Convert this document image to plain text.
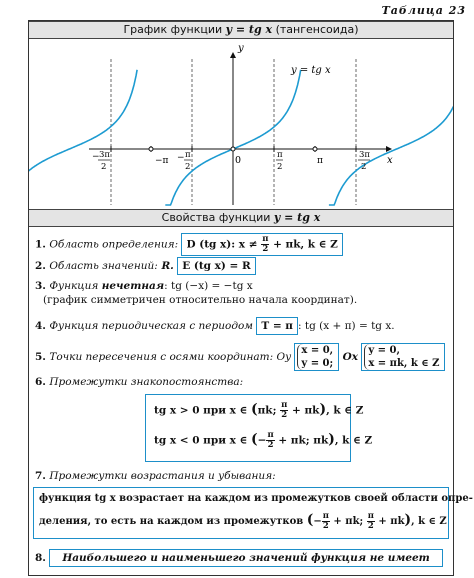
Таблица 23
График функции y = tg x (тангенсоида)
y
x
y = tg x
0
− 3π
2
−π − π
2
π
2
π
3π
2
Свойства функции y = tg x
1. Область определения: D (tg x): $x \ne \frac{\pi}{2} + \pi k$, k ∈ Z
2. Область значений: R. E (tg x) = R
3. Функция нечетная: tg (−x) = −tg x
(график симметричен относительно начала координат).
4. Функция периодическая с периодом T = π : tg (x + π) = tg x.
5. Точки пересечения с осями координат: Oy x = 0,
y = 0; Ox y = 0,
x = πk, k ∈ Z
6. Промежутки знакопостоянства:
tg x > 0 при x ∈ (πk; $\frac{\pi}{2} + \pi k$), k ∈ Z
tg x < 0 при x ∈ (− $\frac{\pi}{2} + \pi k$; πk), k ∈ Z
7. Промежутки возрастания и убывания:
функция tg x возрастает на каждом из промежутков своей области опре-
деления, то есть на каждом из промежутков (− $\frac{\pi}{2} + \pi k$; $\frac{\pi}{2} + \pi k$), k ∈ Z
8. Наибольшего и наименьшего значений функция не имеет
